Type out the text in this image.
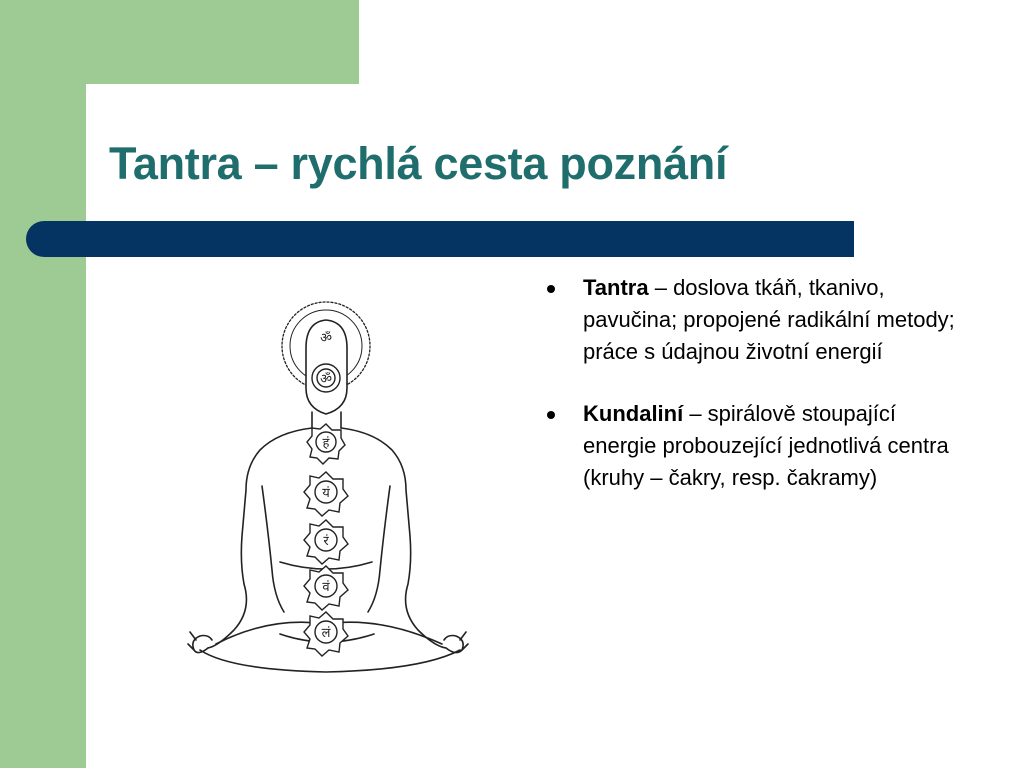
Tantra – rychlá cesta poznání
ॐ
ॐ
हं
यं
रं
वं
लं
Tantra – doslova tkáň, tkanivo, pavučina; propojené radikální metody; práce s údajnou životní energií
Kundaliní – spirálově stoupající energie probouzející jednotlivá centra (kruhy – čakry, resp. čakramy)
